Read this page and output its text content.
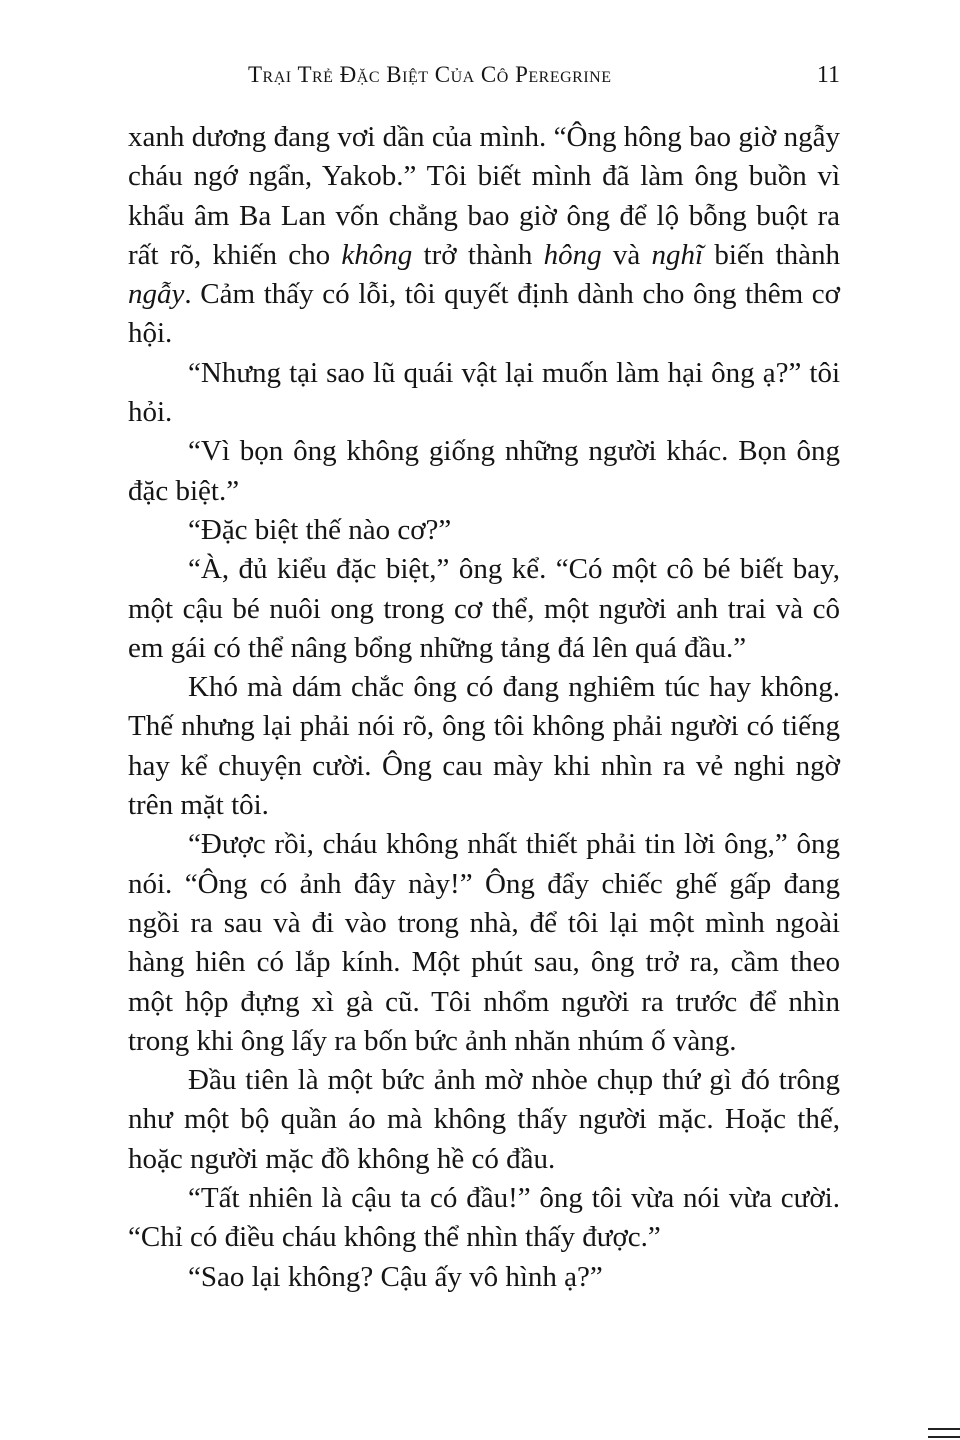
Trại Trẻ Đặc Biệt Của Cô Peregrine	11

xanh dương đang vơi dần của mình. “Ông hông bao giờ ngẫy cháu ngớ ngẩn, Yakob.” Tôi biết mình đã làm ông buồn vì khẩu âm Ba Lan vốn chẳng bao giờ ông để lộ bỗng buột ra rất rõ, khiến cho không trở thành hông và nghĩ biến thành ngẫy. Cảm thấy có lỗi, tôi quyết định dành cho ông thêm cơ hội.

“Nhưng tại sao lũ quái vật lại muốn làm hại ông ạ?” tôi hỏi.

“Vì bọn ông không giống những người khác. Bọn ông đặc biệt.”

“Đặc biệt thế nào cơ?”

“À, đủ kiểu đặc biệt,” ông kể. “Có một cô bé biết bay, một cậu bé nuôi ong trong cơ thể, một người anh trai và cô em gái có thể nâng bổng những tảng đá lên quá đầu.”

Khó mà dám chắc ông có đang nghiêm túc hay không. Thế nhưng lại phải nói rõ, ông tôi không phải người có tiếng hay kể chuyện cười. Ông cau mày khi nhìn ra vẻ nghi ngờ trên mặt tôi.

“Được rồi, cháu không nhất thiết phải tin lời ông,” ông nói. “Ông có ảnh đây này!” Ông đẩy chiếc ghế gấp đang ngồi ra sau và đi vào trong nhà, để tôi lại một mình ngoài hàng hiên có lắp kính. Một phút sau, ông trở ra, cầm theo một hộp đựng xì gà cũ. Tôi nhổm người ra trước để nhìn trong khi ông lấy ra bốn bức ảnh nhăn nhúm ố vàng.

Đầu tiên là một bức ảnh mờ nhòe chụp thứ gì đó trông như một bộ quần áo mà không thấy người mặc. Hoặc thế, hoặc người mặc đồ không hề có đầu.

“Tất nhiên là cậu ta có đầu!” ông tôi vừa nói vừa cười. “Chỉ có điều cháu không thể nhìn thấy được.”

“Sao lại không? Cậu ấy vô hình ạ?”
